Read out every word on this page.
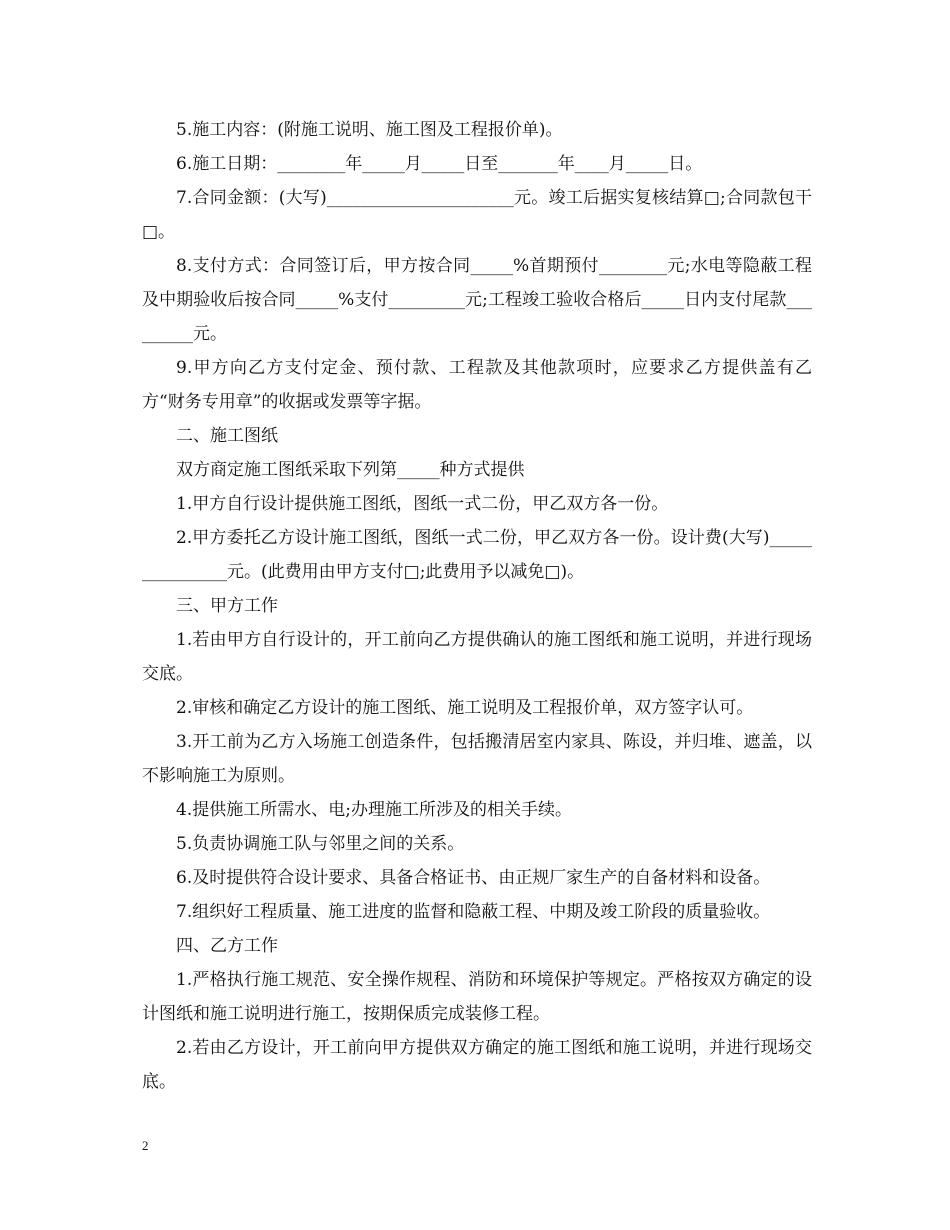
5.施工内容：(附施工说明、施工图及工程报价单)。

6.施工日期：________年_____月_____日至_______年____月_____日。

7.合同金额：(大写)______________________元。竣工后据实复核结算□;合同款包干□。

8.支付方式：合同签订后，甲方按合同_____%首期预付________元;水电等隐蔽工程及中期验收后按合同_____%支付_________元;工程竣工验收合格后_____日内支付尾款_________元。

9.甲方向乙方支付定金、预付款、工程款及其他款项时，应要求乙方提供盖有乙方“财务专用章”的收据或发票等字据。

二、施工图纸

双方商定施工图纸采取下列第_____种方式提供

1.甲方自行设计提供施工图纸，图纸一式二份，甲乙双方各一份。

2.甲方委托乙方设计施工图纸，图纸一式二份，甲乙双方各一份。设计费(大写)_______________元。(此费用由甲方支付□;此费用予以减免□)。

三、甲方工作

1.若由甲方自行设计的，开工前向乙方提供确认的施工图纸和施工说明，并进行现场交底。

2.审核和确定乙方设计的施工图纸、施工说明及工程报价单，双方签字认可。

3.开工前为乙方入场施工创造条件，包括搬清居室内家具、陈设，并归堆、遮盖，以不影响施工为原则。

4.提供施工所需水、电;办理施工所涉及的相关手续。

5.负责协调施工队与邻里之间的关系。

6.及时提供符合设计要求、具备合格证书、由正规厂家生产的自备材料和设备。

7.组织好工程质量、施工进度的监督和隐蔽工程、中期及竣工阶段的质量验收。

四、乙方工作

1.严格执行施工规范、安全操作规程、消防和环境保护等规定。严格按双方确定的设计图纸和施工说明进行施工，按期保质完成装修工程。

2.若由乙方设计，开工前向甲方提供双方确定的施工图纸和施工说明，并进行现场交底。

2
